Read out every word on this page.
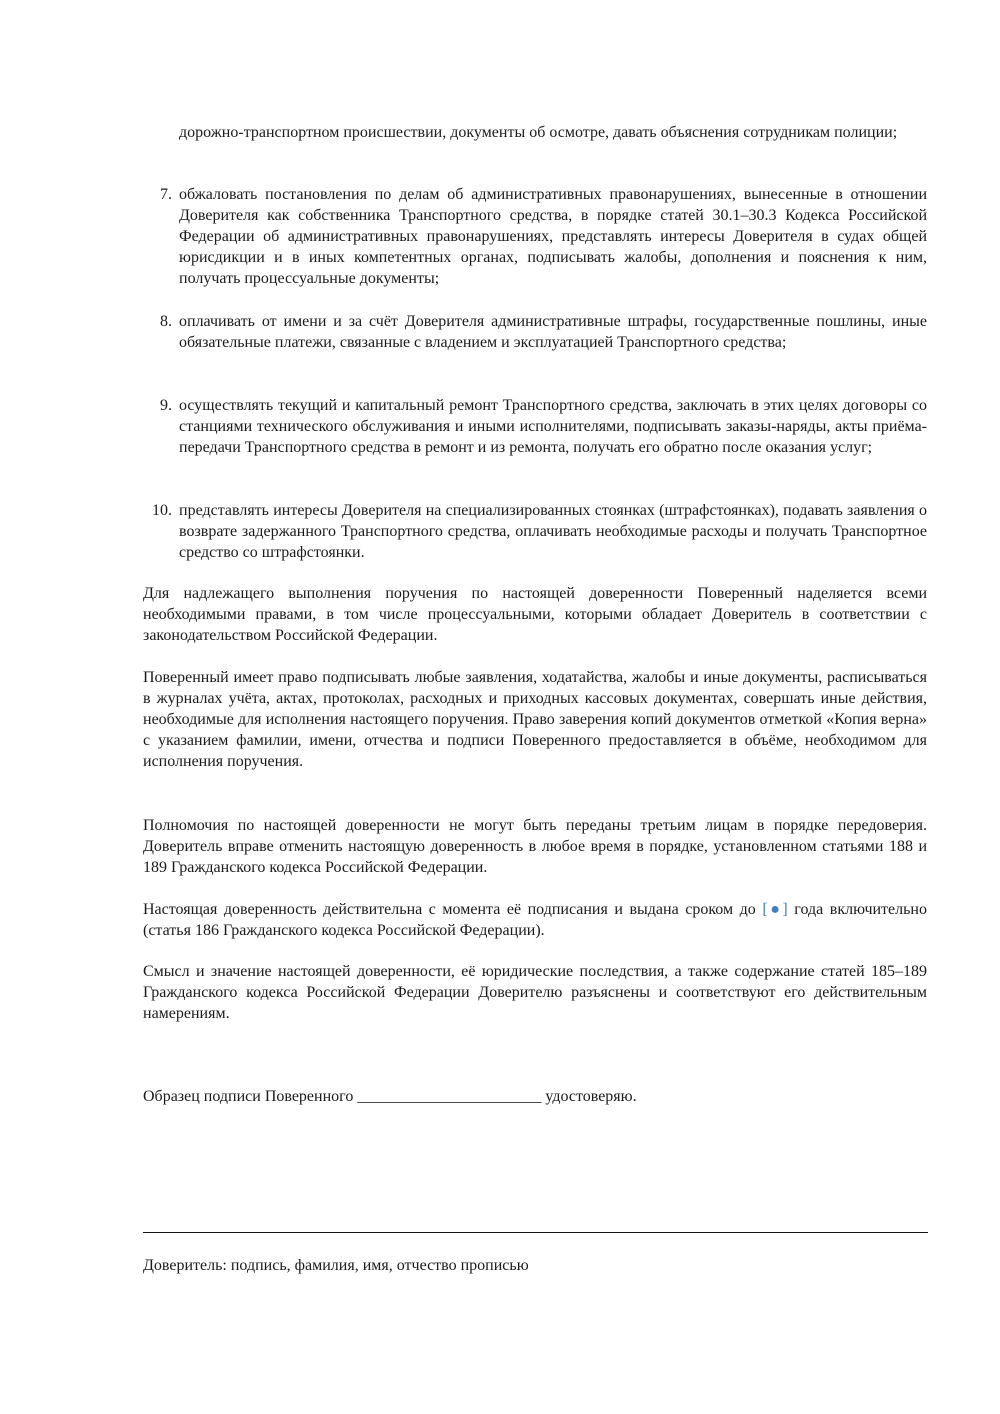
дорожно-транспортном происшествии, документы об осмотре, давать объяснения сотрудникам полиции;
7. обжаловать постановления по делам об административных правонарушениях, вынесенные в отношении Доверителя как собственника Транспортного средства, в порядке статей 30.1–30.3 Кодекса Российской Федерации об административных правонарушениях, представлять интересы Доверителя в судах общей юрисдикции и в иных компетентных органах, подписывать жалобы, дополнения и пояснения к ним, получать процессуальные документы;
8. оплачивать от имени и за счёт Доверителя административные штрафы, государственные пошлины, иные обязательные платежи, связанные с владением и эксплуатацией Транспортного средства;
9. осуществлять текущий и капитальный ремонт Транспортного средства, заключать в этих целях договоры со станциями технического обслуживания и иными исполнителями, подписывать заказы-наряды, акты приёма-передачи Транспортного средства в ремонт и из ремонта, получать его обратно после оказания услуг;
10. представлять интересы Доверителя на специализированных стоянках (штрафстоянках), подавать заявления о возврате задержанного Транспортного средства, оплачивать необходимые расходы и получать Транспортное средство со штрафстоянки.

Для надлежащего выполнения поручения по настоящей доверенности Поверенный наделяется всеми необходимыми правами, в том числе процессуальными, которыми обладает Доверитель в соответствии с законодательством Российской Федерации.

Поверенный имеет право подписывать любые заявления, ходатайства, жалобы и иные документы, расписываться в журналах учёта, актах, протоколах, расходных и приходных кассовых документах, совершать иные действия, необходимые для исполнения настоящего поручения. Право заверения копий документов отметкой «Копия верна» с указанием фамилии, имени, отчества и подписи Поверенного предоставляется в объёме, необходимом для исполнения поручения.

Полномочия по настоящей доверенности не могут быть переданы третьим лицам в порядке передоверия. Доверитель вправе отменить настоящую доверенность в любое время в порядке, установленном статьями 188 и 189 Гражданского кодекса Российской Федерации.

Настоящая доверенность действительна с момента её подписания и выдана сроком до [●] года включительно (статья 186 Гражданского кодекса Российской Федерации).

Смысл и значение настоящей доверенности, её юридические последствия, а также содержание статей 185–189 Гражданского кодекса Российской Федерации Доверителю разъяснены и соответствуют его действительным намерениям.

Образец подписи Поверенного _______________________ удостоверяю.
Доверитель: подпись, фамилия, имя, отчество прописью
